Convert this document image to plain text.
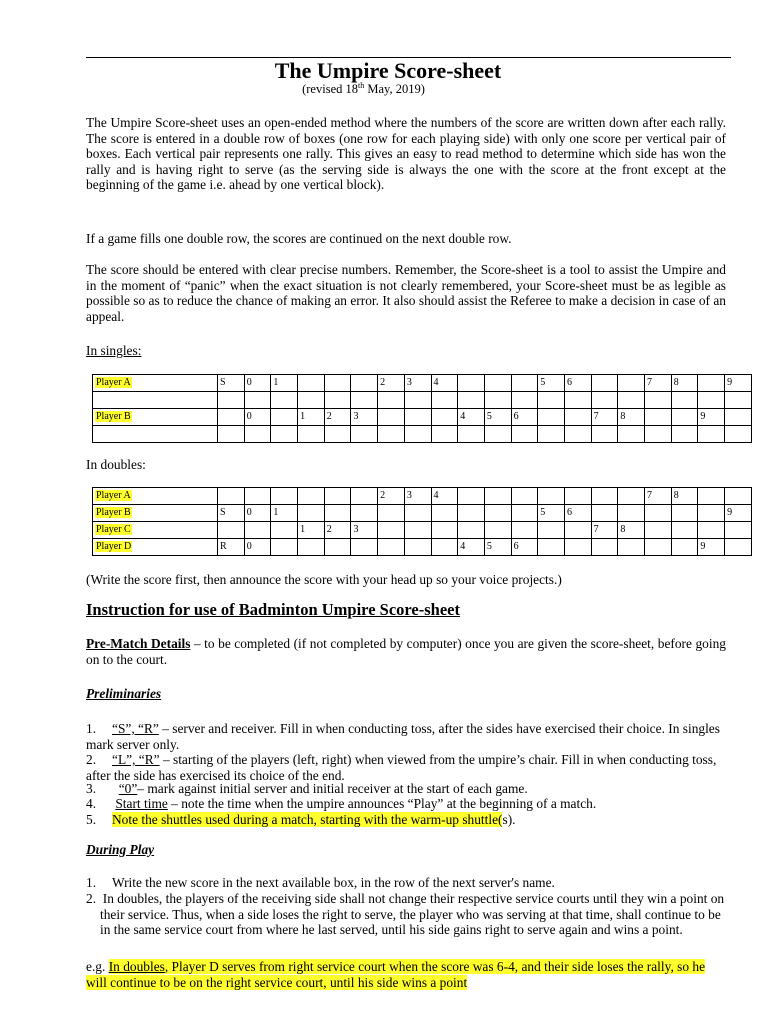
The Umpire Score-sheet
(revised 18th May, 2019)

The Umpire Score-sheet uses an open-ended method where the numbers of the score are written down after each rally. The score is entered in a double row of boxes (one row for each playing side) with only one score per vertical pair of boxes. Each vertical pair represents one rally. This gives an easy to read method to determine which side has won the rally and is having right to serve (as the serving side is always the one with the score at the front except at the beginning of the game i.e. ahead by one vertical block).

If a game fills one double row, the scores are continued on the next double row.

The score should be entered with clear precise numbers. Remember, the Score-sheet is a tool to assist the Umpire and in the moment of “panic” when the exact situation is not clearly remembered, your Score-sheet must be as legible as possible so as to reduce the chance of making an error. It also should assist the Referee to make a decision in case of an appeal.

In singles:
Player A	S	0	1				2	3	4				5	6			7	8		9

Player B		0		1	2	3				4	5	6			7	8			9	

In doubles:
Player A							2	3	4								7	8		
Player B	S	0	1										5	6						9
Player C				1	2	3									7	8				
Player D	R	0								4	5	6							9	
(Write the score first, then announce the score with your head up so your voice projects.)
Instruction for use of Badminton Umpire Score-sheet

Pre-Match Details – to be completed (if not completed by computer) once you are given the score-sheet, before going on to the court.

Preliminaries
1. “S”, “R” – server and receiver. Fill in when conducting toss, after the sides have exercised their choice. In singles mark server only.
2. “L”, “R” – starting of the players (left, right) when viewed from the umpire’s chair. Fill in when conducting toss, after the side has exercised its choice of the end.
3. “0”– mark against initial server and initial receiver at the start of each game.
4. Start time – note the time when the umpire announces “Play” at the beginning of a match.
5. Note the shuttles used during a match, starting with the warm-up shuttle(s).
During Play
1. Write the new score in the next available box, in the row of the next server's name.
2. In doubles, the players of the receiving side shall not change their respective service courts until they win a point on their service. Thus, when a side loses the right to serve, the player who was serving at that time, shall continue to be in the same service court from where he last served, until his side gains right to serve again and wins a point.
e.g. In doubles, Player D serves from right service court when the score was 6-4, and their side loses the rally, so he will continue to be on the right service court, until his side wins a point
